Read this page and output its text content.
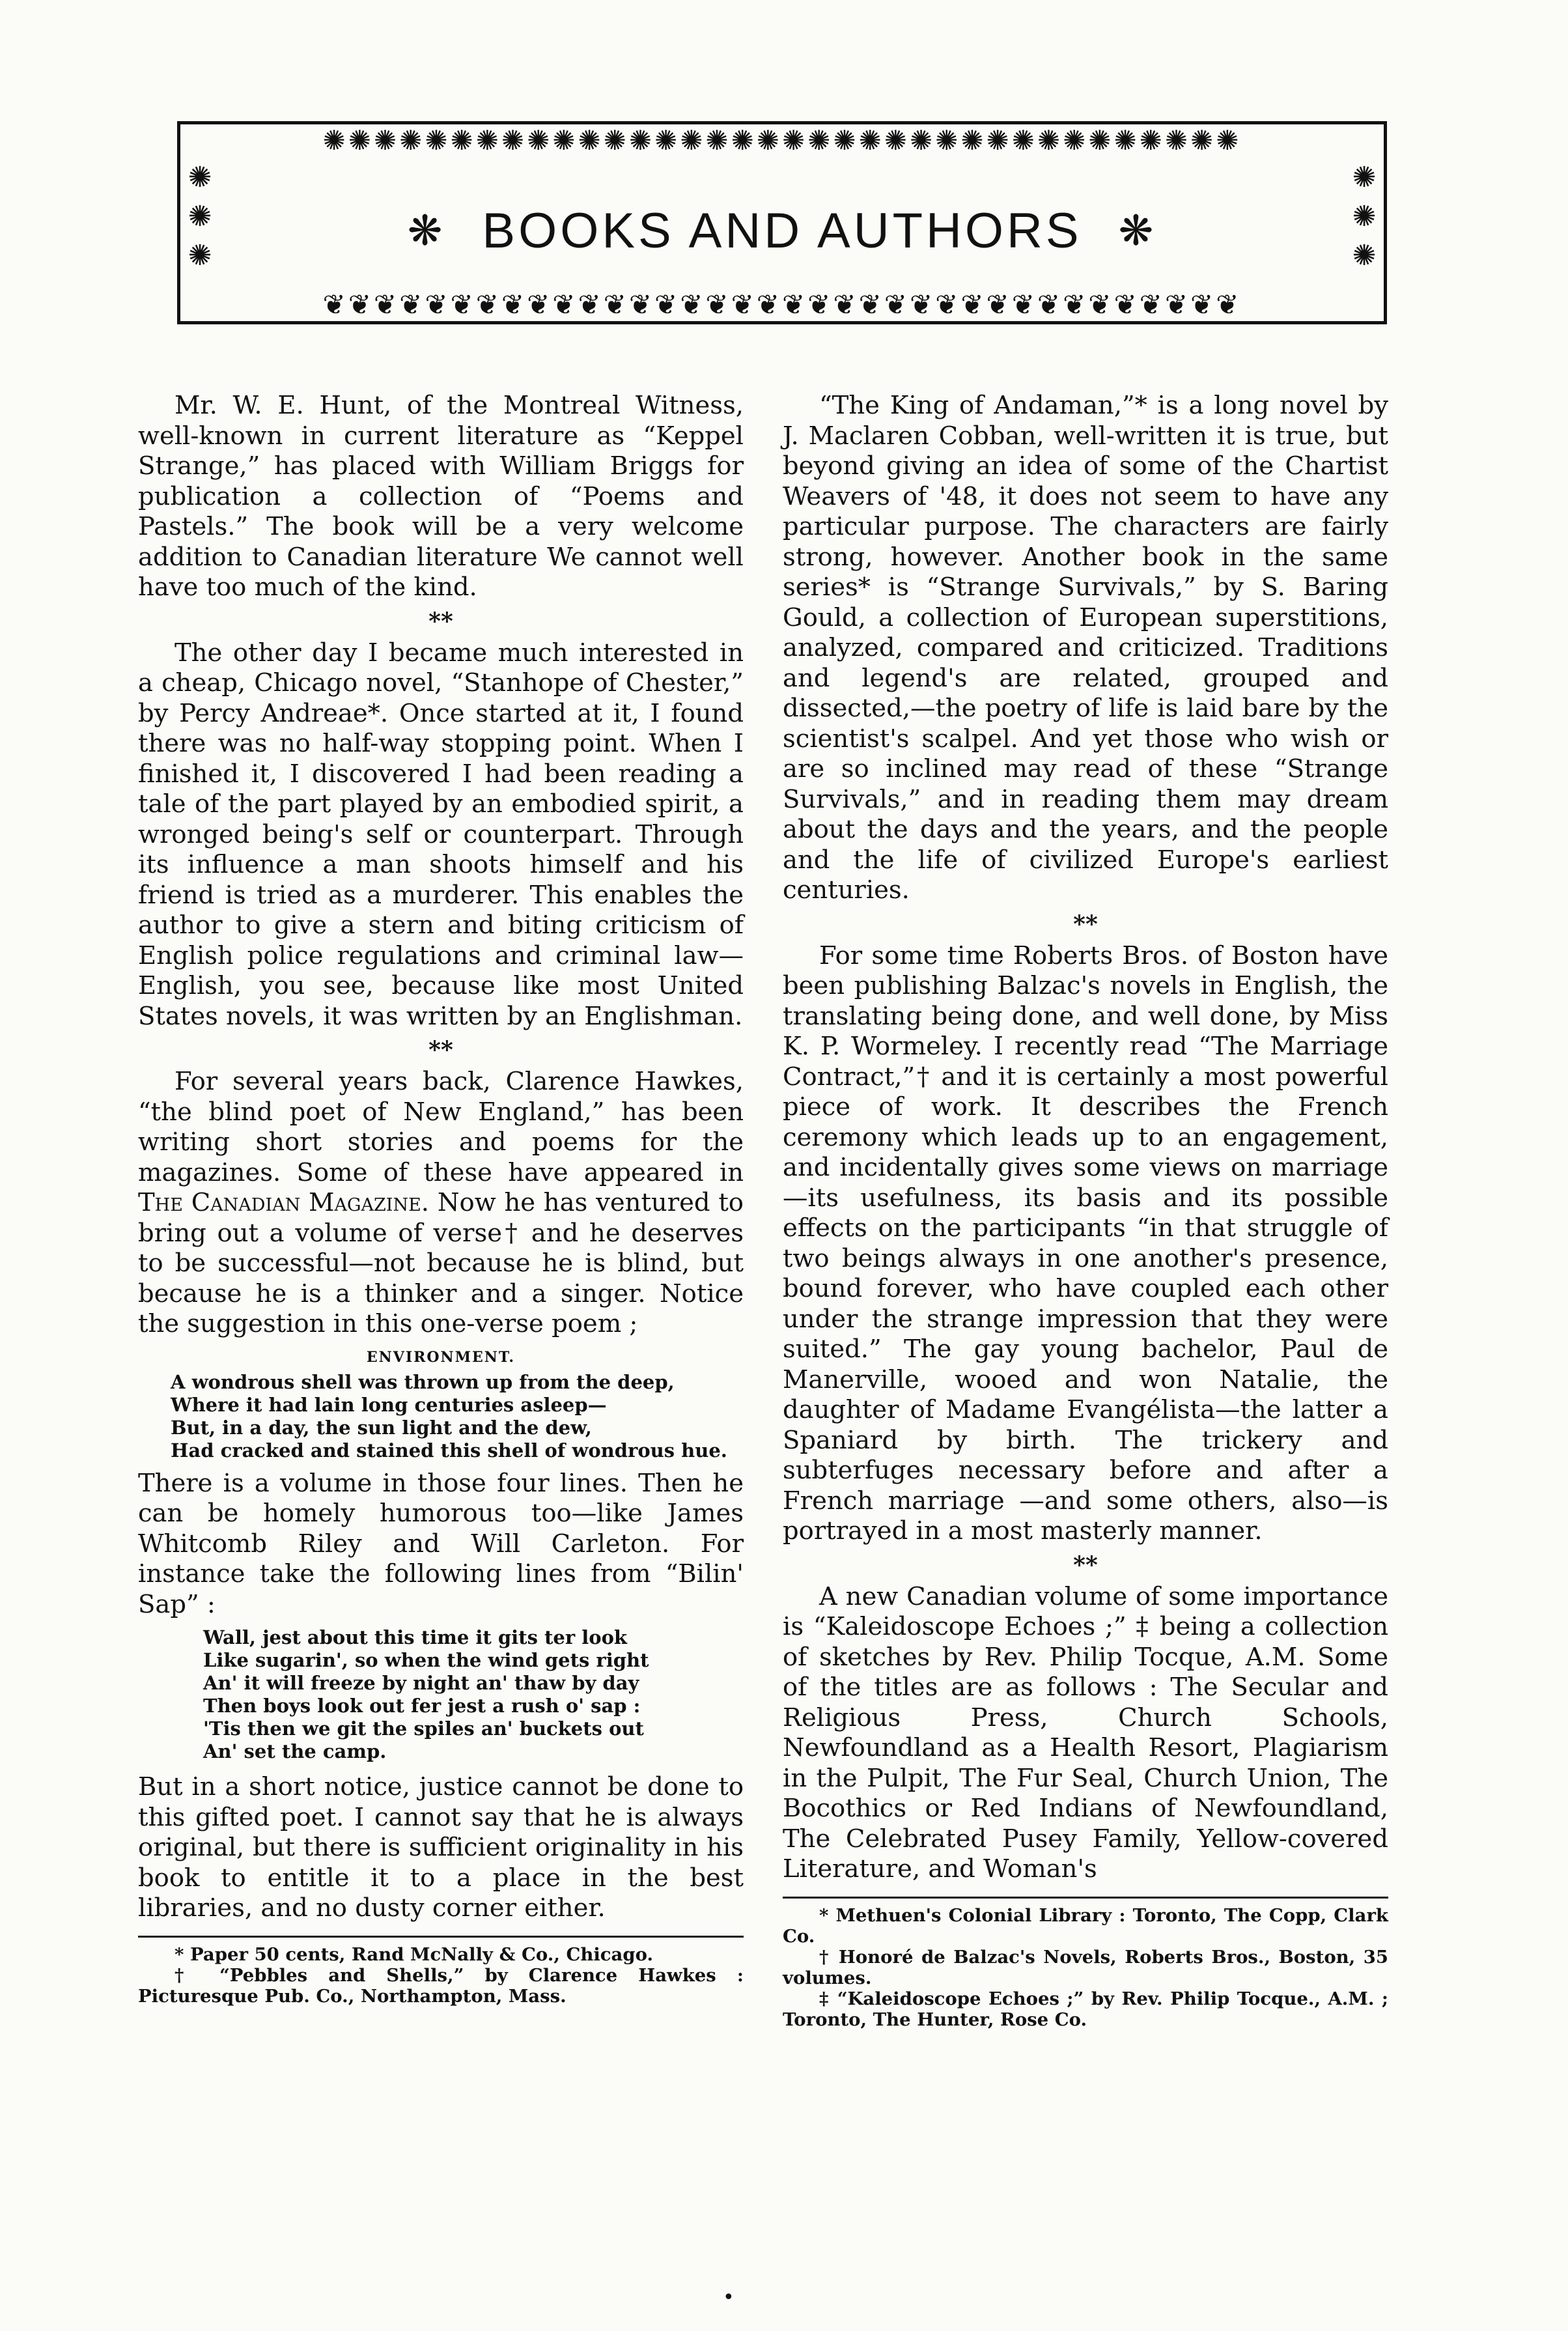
✺✺✺✺✺✺✺✺✺✺✺✺✺✺✺✺✺✺✺✺✺✺✺✺✺✺✺✺✺✺✺✺✺✺✺✺
✺✺✺
✺✺✺
❋ BOOKS AND AUTHORS ❋
❦❦❦❦❦❦❦❦❦❦❦❦❦❦❦❦❦❦❦❦❦❦❦❦❦❦❦❦❦❦❦❦❦❦❦❦

Mr. W. E. Hunt, of the Montreal Witness, well-known in current literature as “Keppel Strange,” has placed with William Briggs for publication a collection of “Poems and Pastels.” The book will be a very welcome addition to Canadian literature We cannot well have too much of the kind.

**

The other day I became much interested in a cheap, Chicago novel, “Stanhope of Chester,” by Percy Andreae*. Once started at it, I found there was no half-way stopping point. When I finished it, I discovered I had been reading a tale of the part played by an embodied spirit, a wronged being's self or counterpart. Through its influence a man shoots himself and his friend is tried as a murderer. This enables the author to give a stern and biting criticism of English police regulations and criminal law—English, you see, because like most United States novels, it was written by an Englishman.

**

For several years back, Clarence Hawkes, “the blind poet of New England,” has been writing short stories and poems for the magazines. Some of these have appeared in The Canadian Magazine. Now he has ventured to bring out a volume of verse† and he deserves to be successful—not because he is blind, but because he is a thinker and a singer. Notice the suggestion in this one-verse poem ;

ENVIRONMENT.
A wondrous shell was thrown up from the deep,
Where it had lain long centuries asleep—
But, in a day, the sun light and the dew,
Had cracked and stained this shell of wondrous hue.

There is a volume in those four lines. Then he can be homely humorous too—like James Whitcomb Riley and Will Carleton. For instance take the following lines from “Bilin' Sap” :

Wall, jest about this time it gits ter look
Like sugarin', so when the wind gets right
An' it will freeze by night an' thaw by day
Then boys look out fer jest a rush o' sap :
'Tis then we git the spiles an' buckets out
An' set the camp.

But in a short notice, justice cannot be done to this gifted poet. I cannot say that he is always original, but there is sufficient originality in his book to entitle it to a place in the best libraries, and no dusty corner either.

* Paper 50 cents, Rand McNally & Co., Chicago.

† “Pebbles and Shells,” by Clarence Hawkes : Picturesque Pub. Co., Northampton, Mass.

“The King of Andaman,”* is a long novel by J. Maclaren Cobban, well-written it is true, but beyond giving an idea of some of the Chartist Weavers of '48, it does not seem to have any particular purpose. The characters are fairly strong, however. Another book in the same series* is “Strange Survivals,” by S. Baring Gould, a collection of European superstitions, analyzed, compared and criticized. Traditions and legend's are related, grouped and dissected,—the poetry of life is laid bare by the scientist's scalpel. And yet those who wish or are so inclined may read of these “Strange Survivals,” and in reading them may dream about the days and the years, and the people and the life of civilized Europe's earliest centuries.

**

For some time Roberts Bros. of Boston have been publishing Balzac's novels in English, the translating being done, and well done, by Miss K. P. Wormeley. I recently read “The Marriage Contract,”† and it is certainly a most powerful piece of work. It describes the French ceremony which leads up to an engagement, and incidentally gives some views on marriage—its usefulness, its basis and its possible effects on the participants “in that struggle of two beings always in one another's presence, bound forever, who have coupled each other under the strange impression that they were suited.” The gay young bachelor, Paul de Manerville, wooed and won Natalie, the daughter of Madame Evangélista—the latter a Spaniard by birth. The trickery and subterfuges necessary before and after a French marriage —and some others, also—is portrayed in a most masterly manner.

**

A new Canadian volume of some importance is “Kaleidoscope Echoes ;” ‡ being a collection of sketches by Rev. Philip Tocque, A.M. Some of the titles are as follows : The Secular and Religious Press, Church Schools, Newfoundland as a Health Resort, Plagiarism in the Pulpit, The Fur Seal, Church Union, The Bocothics or Red Indians of Newfoundland, The Celebrated Pusey Family, Yellow-covered Literature, and Woman's

* Methuen's Colonial Library : Toronto, The Copp, Clark Co.

† Honoré de Balzac's Novels, Roberts Bros., Boston, 35 volumes.

‡ “Kaleidoscope Echoes ;” by Rev. Philip Tocque., A.M. ; Toronto, The Hunter, Rose Co.

•
